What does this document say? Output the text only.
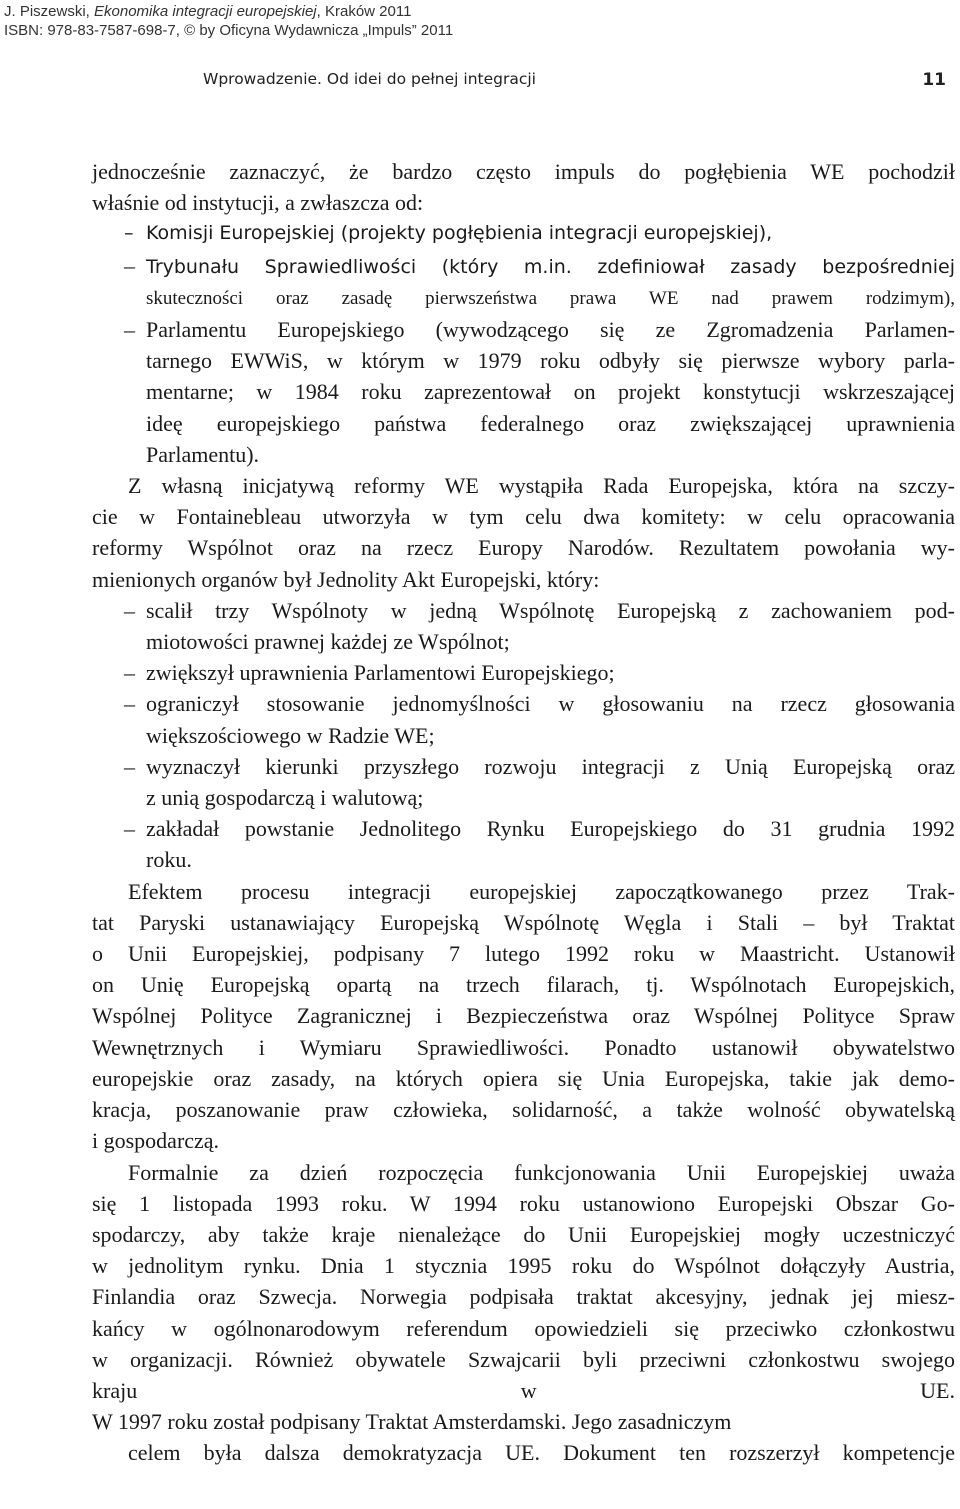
J. Piszewski, Ekonomika integracji europejskiej, Kraków 2011
ISBN: 978-83-7587-698-7, © by Oficyna Wydawnicza „Impuls” 2011
Wprowadzenie. Od idei do pełnej integracji	11
jednocześnie zaznaczyć, że bardzo często impuls do pogłębienia WE pochodził
właśnie od instytucji, a zwłaszcza od:
– Komisji Europejskiej (projekty pogłębienia integracji europejskiej),
– Trybunału Sprawiedliwości (który m.in. zdefiniował zasady bezpośredniej
skuteczności oraz zasadę pierwszeństwa prawa WE nad prawem rodzimym),
– Parlamentu Europejskiego (wywodzącego się ze Zgromadzenia Parlamen-
tarnego EWWiS, w którym w 1979 roku odbyły się pierwsze wybory parla-
mentarne; w 1984 roku zaprezentował on projekt konstytucji wskrzeszającej
ideę europejskiego państwa federalnego oraz zwiększającej uprawnienia
Parlamentu).
Z własną inicjatywą reformy WE wystąpiła Rada Europejska, która na szczy-
cie w Fontainebleau utworzyła w tym celu dwa komitety: w celu opracowania
reformy Wspólnot oraz na rzecz Europy Narodów. Rezultatem powołania wy-
mienionych organów był Jednolity Akt Europejski, który:
– scalił trzy Wspólnoty w jedną Wspólnotę Europejską z zachowaniem pod-
miotowości prawnej każdej ze Wspólnot;
– zwiększył uprawnienia Parlamentowi Europejskiego;
– ograniczył stosowanie jednomyślności w głosowaniu na rzecz głosowania
większościowego w Radzie WE;
– wyznaczył kierunki przyszłego rozwoju integracji z Unią Europejską oraz
z unią gospodarczą i walutową;
– zakładał powstanie Jednolitego Rynku Europejskiego do 31 grudnia 1992
roku.
Efektem procesu integracji europejskiej zapoczątkowanego przez Trak-
tat Paryski ustanawiający Europejską Wspólnotę Węgla i Stali – był Traktat
o Unii Europejskiej, podpisany 7 lutego 1992 roku w Maastricht. Ustanowił
on Unię Europejską opartą na trzech filarach, tj. Wspólnotach Europejskich,
Wspólnej Polityce Zagranicznej i Bezpieczeństwa oraz Wspólnej Polityce Spraw
Wewnętrznych i Wymiaru Sprawiedliwości. Ponadto ustanowił obywatelstwo
europejskie oraz zasady, na których opiera się Unia Europejska, takie jak demo-
kracja, poszanowanie praw człowieka, solidarność, a także wolność obywatelską
i gospodarczą.
Formalnie za dzień rozpoczęcia funkcjonowania Unii Europejskiej uważa
się 1 listopada 1993 roku. W 1994 roku ustanowiono Europejski Obszar Go-
spodarczy, aby także kraje nienależące do Unii Europejskiej mogły uczestniczyć
w jednolitym rynku. Dnia 1 stycznia 1995 roku do Wspólnot dołączyły Austria,
Finlandia oraz Szwecja. Norwegia podpisała traktat akcesyjny, jednak jej miesz-
kańcy w ogólnonarodowym referendum opowiedzieli się przeciwko członkostwu
w organizacji. Również obywatele Szwajcarii byli przeciwni członkostwu swojego
kraju w UE.
W 1997 roku został podpisany Traktat Amsterdamski. Jego zasadniczym
celem była dalsza demokratyzacja UE. Dokument ten rozszerzył kompetencje
